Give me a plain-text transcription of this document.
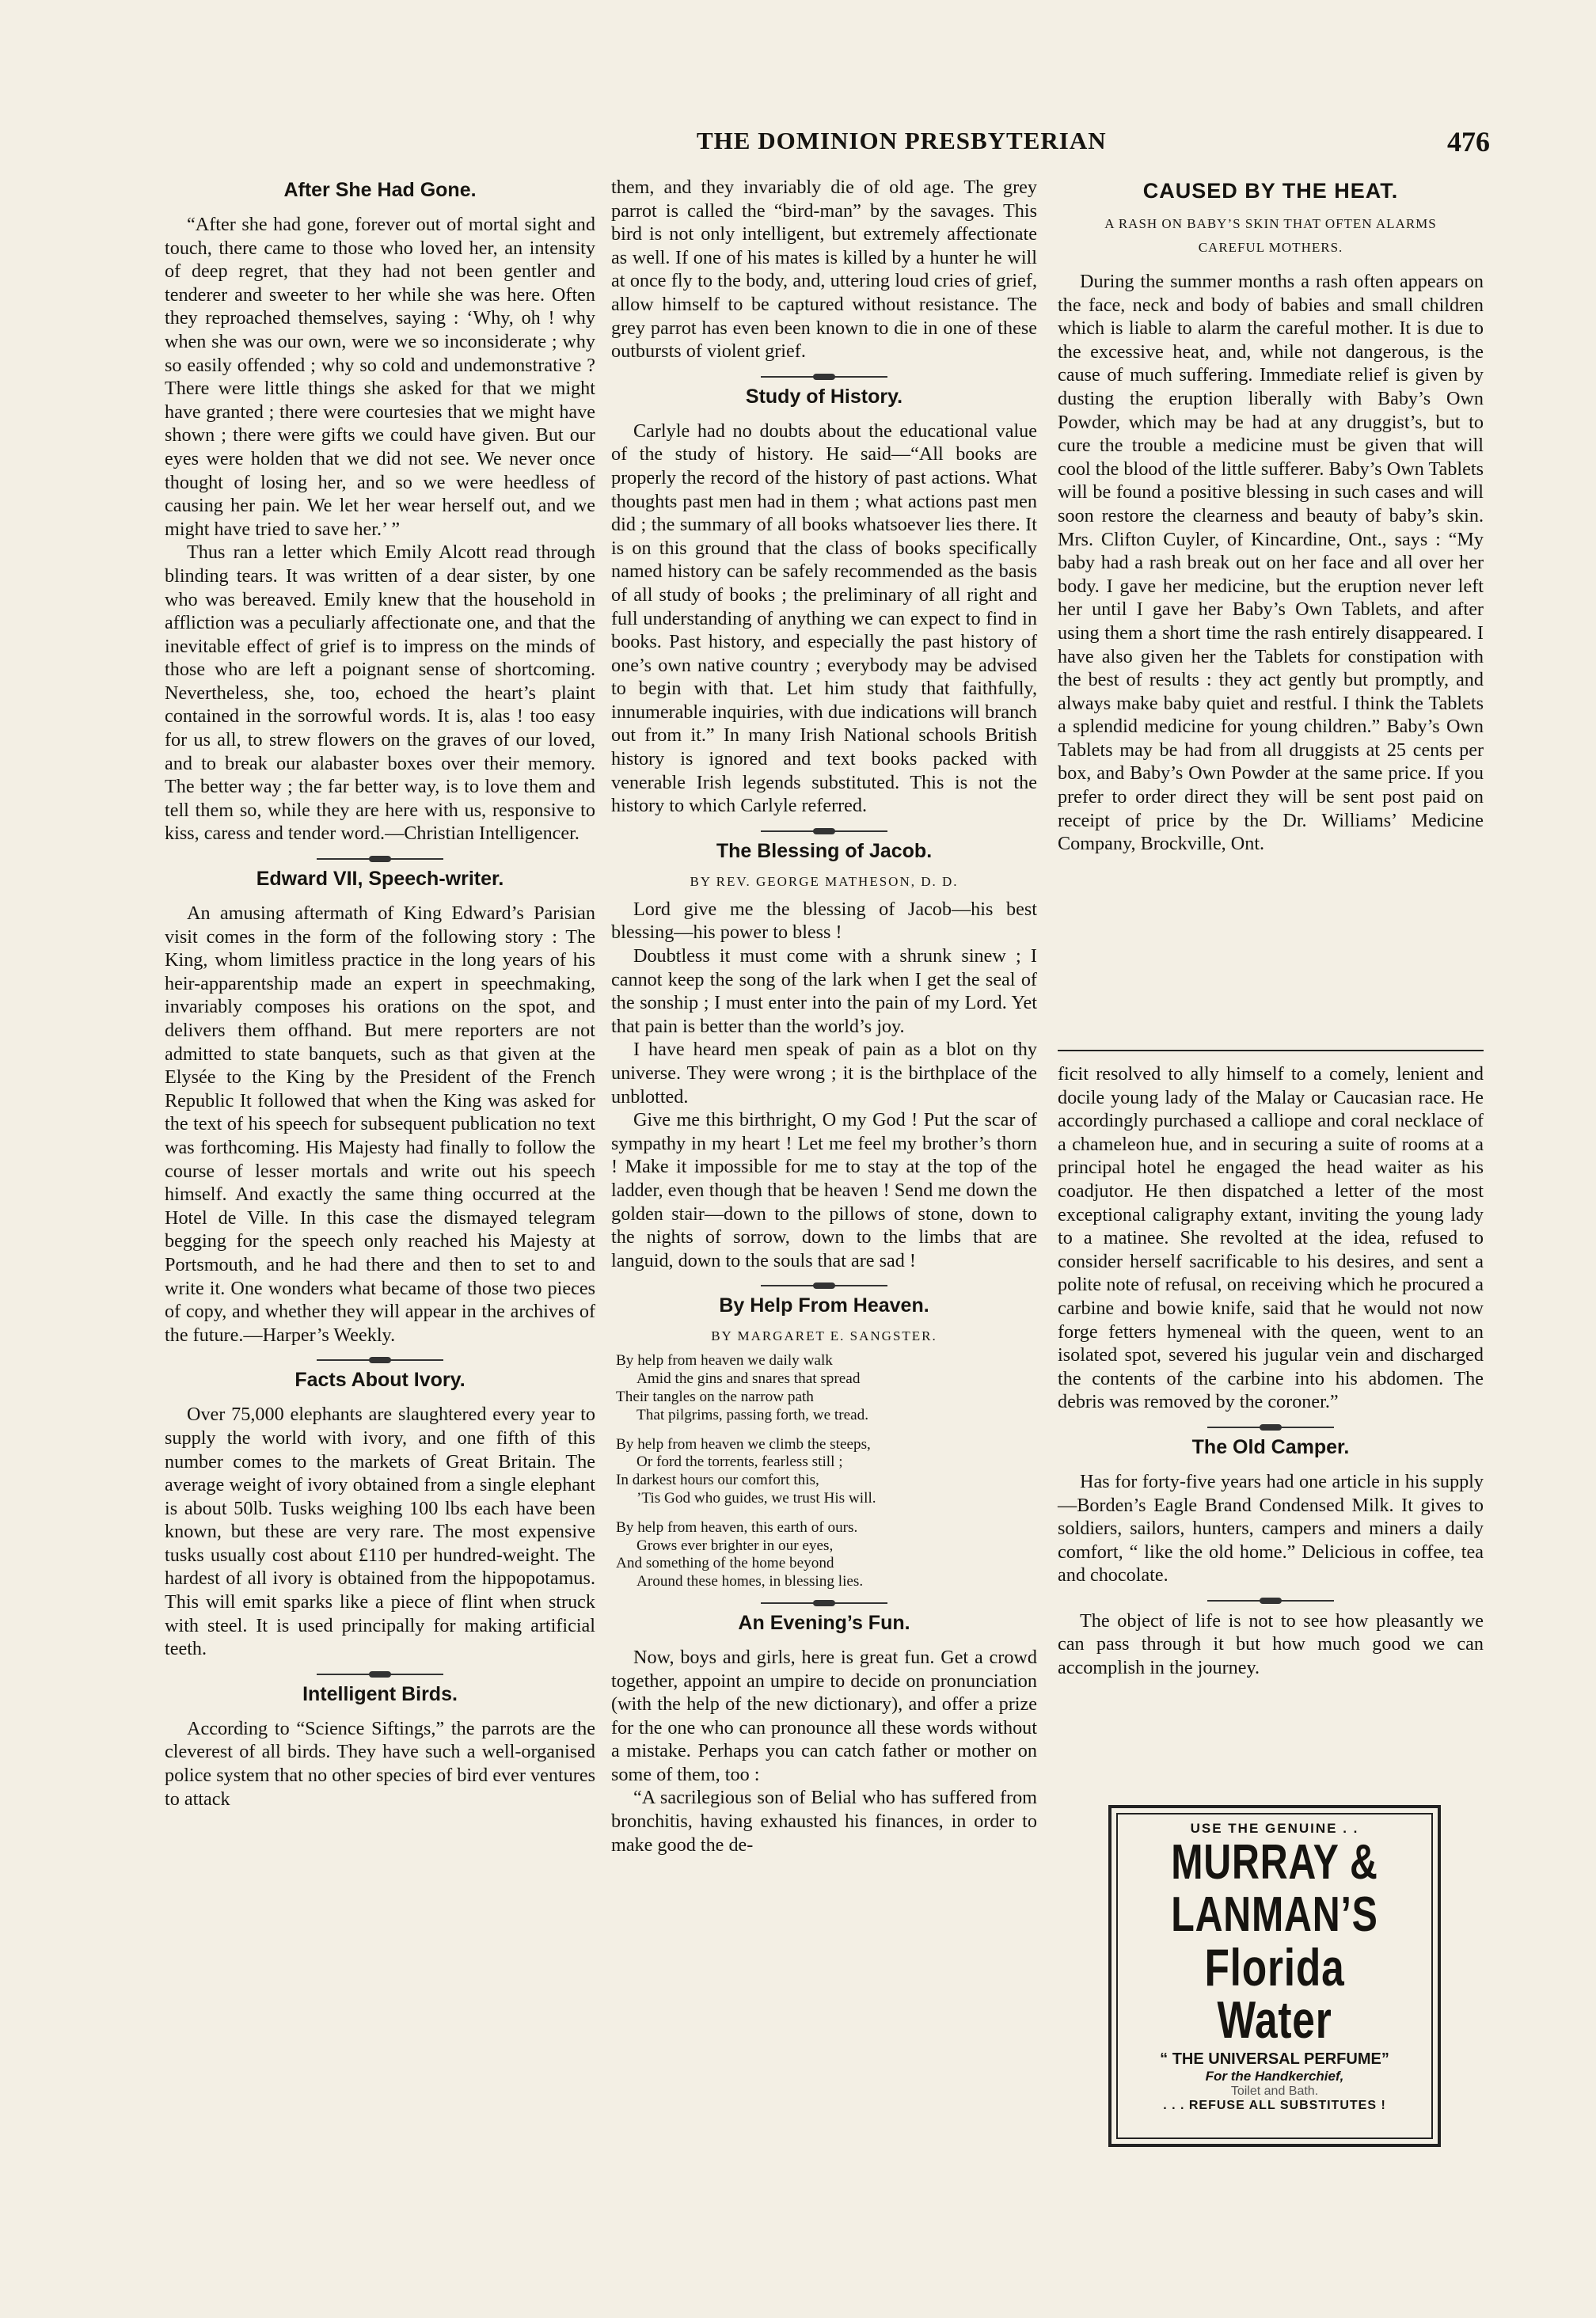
THE DOMINION PRESBYTERIAN	476
After She Had Gone.

“After she had gone, forever out of mortal sight and touch, there came to those who loved her, an intensity of deep regret, that they had not been gentler and tenderer and sweeter to her while she was here. Often they reproached themselves, saying : ‘Why, oh ! why when she was our own, were we so inconsiderate ; why so easily offended ; why so cold and undemonstrative ? There were little things she asked for that we might have granted ; there were courtesies that we might have shown ; there were gifts we could have given. But our eyes were holden that we did not see. We never once thought of losing her, and so we were heedless of causing her pain. We let her wear herself out, and we might have tried to save her.’ ”

Thus ran a letter which Emily Alcott read through blinding tears. It was written of a dear sister, by one who was bereaved. Emily knew that the household in affliction was a peculiarly affectionate one, and that the inevitable effect of grief is to impress on the minds of those who are left a poignant sense of shortcoming. Nevertheless, she, too, echoed the heart’s plaint contained in the sorrowful words. It is, alas ! too easy for us all, to strew flowers on the graves of our loved, and to break our alabaster boxes over their memory. The better way ; the far better way, is to love them and tell them so, while they are here with us, responsive to kiss, caress and tender word.—Christian Intelligencer.

Edward VII, Speech-writer.

An amusing aftermath of King Edward’s Parisian visit comes in the form of the following story : The King, whom limitless practice in the long years of his heir-apparentship made an expert in speechmaking, invariably composes his orations on the spot, and delivers them offhand. But mere reporters are not admitted to state banquets, such as that given at the Elysée to the King by the President of the French Republic It followed that when the King was asked for the text of his speech for subsequent publication no text was forthcoming. His Majesty had finally to follow the course of lesser mortals and write out his speech himself. And exactly the same thing occurred at the Hotel de Ville. In this case the dismayed telegram begging for the speech only reached his Majesty at Portsmouth, and he had there and then to set to and write it. One wonders what became of those two pieces of copy, and whether they will appear in the archives of the future.—Harper’s Weekly.

Facts About Ivory.

Over 75,000 elephants are slaughtered every year to supply the world with ivory, and one fifth of this number comes to the markets of Great Britain. The average weight of ivory obtained from a single elephant is about 50lb. Tusks weighing 100 lbs each have been known, but these are very rare. The most expensive tusks usually cost about £110 per hundred-weight. The hardest of all ivory is obtained from the hippopotamus. This will emit sparks like a piece of flint when struck with steel. It is used principally for making artificial teeth.

Intelligent Birds.

According to “Science Siftings,” the parrots are the cleverest of all birds. They have such a well-organised police system that no other species of bird ever ventures to attack

them, and they invariably die of old age. The grey parrot is called the “bird-man” by the savages. This bird is not only intelligent, but extremely affectionate as well. If one of his mates is killed by a hunter he will at once fly to the body, and, uttering loud cries of grief, allow himself to be captured without resistance. The grey parrot has even been known to die in one of these outbursts of violent grief.

Study of History.

Carlyle had no doubts about the educational value of the study of history. He said—“All books are properly the record of the history of past actions. What thoughts past men had in them ; what actions past men did ; the summary of all books whatsoever lies there. It is on this ground that the class of books specifically named history can be safely recommended as the basis of all study of books ; the preliminary of all right and full understanding of anything we can expect to find in books. Past history, and especially the past history of one’s own native country ; everybody may be advised to begin with that. Let him study that faithfully, innumerable inquiries, with due indications will branch out from it.” In many Irish National schools British history is ignored and text books packed with venerable Irish legends substituted. This is not the history to which Carlyle referred.

The Blessing of Jacob.
BY REV. GEORGE MATHESON, D. D.

Lord give me the blessing of Jacob—his best blessing—his power to bless !

Doubtless it must come with a shrunk sinew ; I cannot keep the song of the lark when I get the seal of the sonship ; I must enter into the pain of my Lord. Yet that pain is better than the world’s joy.

I have heard men speak of pain as a blot on thy universe. They were wrong ; it is the birthplace of the unblotted.

Give me this birthright, O my God ! Put the scar of sympathy in my heart ! Let me feel my brother’s thorn ! Make it impossible for me to stay at the top of the ladder, even though that be heaven ! Send me down the golden stair—down to the pillows of stone, down to the nights of sorrow, down to the limbs that are languid, down to the souls that are sad !

By Help From Heaven.
BY MARGARET E. SANGSTER.
By help from heaven we daily walk
Amid the gins and snares that spread
Their tangles on the narrow path
That pilgrims, passing forth, we tread.
By help from heaven we climb the steeps,
Or ford the torrents, fearless still ;
In darkest hours our comfort this,
’Tis God who guides, we trust His will.
By help from heaven, this earth of ours.
Grows ever brighter in our eyes,
And something of the home beyond
Around these homes, in blessing lies.
An Evening’s Fun.

Now, boys and girls, here is great fun. Get a crowd together, appoint an umpire to decide on pronunciation (with the help of the new dictionary), and offer a prize for the one who can pronounce all these words without a mistake. Perhaps you can catch father or mother on some of them, too :

“A sacrilegious son of Belial who has suffered from bronchitis, having exhausted his finances, in order to make good the de-

CAUSED BY THE HEAT.
A RASH ON BABY’S SKIN THAT OFTEN ALARMS
CAREFUL MOTHERS.

During the summer months a rash often appears on the face, neck and body of babies and small children which is liable to alarm the careful mother. It is due to the excessive heat, and, while not dangerous, is the cause of much suffering. Immediate relief is given by dusting the eruption liberally with Baby’s Own Powder, which may be had at any druggist’s, but to cure the trouble a medicine must be given that will cool the blood of the little sufferer. Baby’s Own Tablets will be found a positive blessing in such cases and will soon restore the clearness and beauty of baby’s skin. Mrs. Clifton Cuyler, of Kincardine, Ont., says : “My baby had a rash break out on her face and all over her body. I gave her medicine, but the eruption never left her until I gave her Baby’s Own Tablets, and after using them a short time the rash entirely disappeared. I have also given her the Tablets for constipation with the best of results : they act gently but promptly, and always make baby quiet and restful. I think the Tablets a splendid medicine for young children.” Baby’s Own Tablets may be had from all druggists at 25 cents per box, and Baby’s Own Powder at the same price. If you prefer to order direct they will be sent post paid on receipt of price by the Dr. Williams’ Medicine Company, Brockville, Ont.

ficit resolved to ally himself to a comely, lenient and docile young lady of the Malay or Caucasian race. He accordingly purchased a calliope and coral necklace of a chameleon hue, and in securing a suite of rooms at a principal hotel he engaged the head waiter as his coadjutor. He then dispatched a letter of the most exceptional caligraphy extant, inviting the young lady to a matinee. She revolted at the idea, refused to consider herself sacrificable to his desires, and sent a polite note of refusal, on receiving which he procured a carbine and bowie knife, said that he would not now forge fetters hymeneal with the queen, went to an isolated spot, severed his jugular vein and discharged the contents of the carbine into his abdomen. The debris was removed by the coroner.”

The Old Camper.

Has for forty-five years had one article in his supply—Borden’s Eagle Brand Condensed Milk. It gives to soldiers, sailors, hunters, campers and miners a daily comfort, “ like the old home.” Delicious in coffee, tea and chocolate.

The object of life is not to see how pleasantly we can pass through it but how much good we can accomplish in the journey.

USE THE GENUINE . .
MURRAY &
LANMAN’S
Florida Water
“ THE UNIVERSAL PERFUME”
For the Handkerchief,
Toilet and Bath.
. . . REFUSE ALL SUBSTITUTES !
